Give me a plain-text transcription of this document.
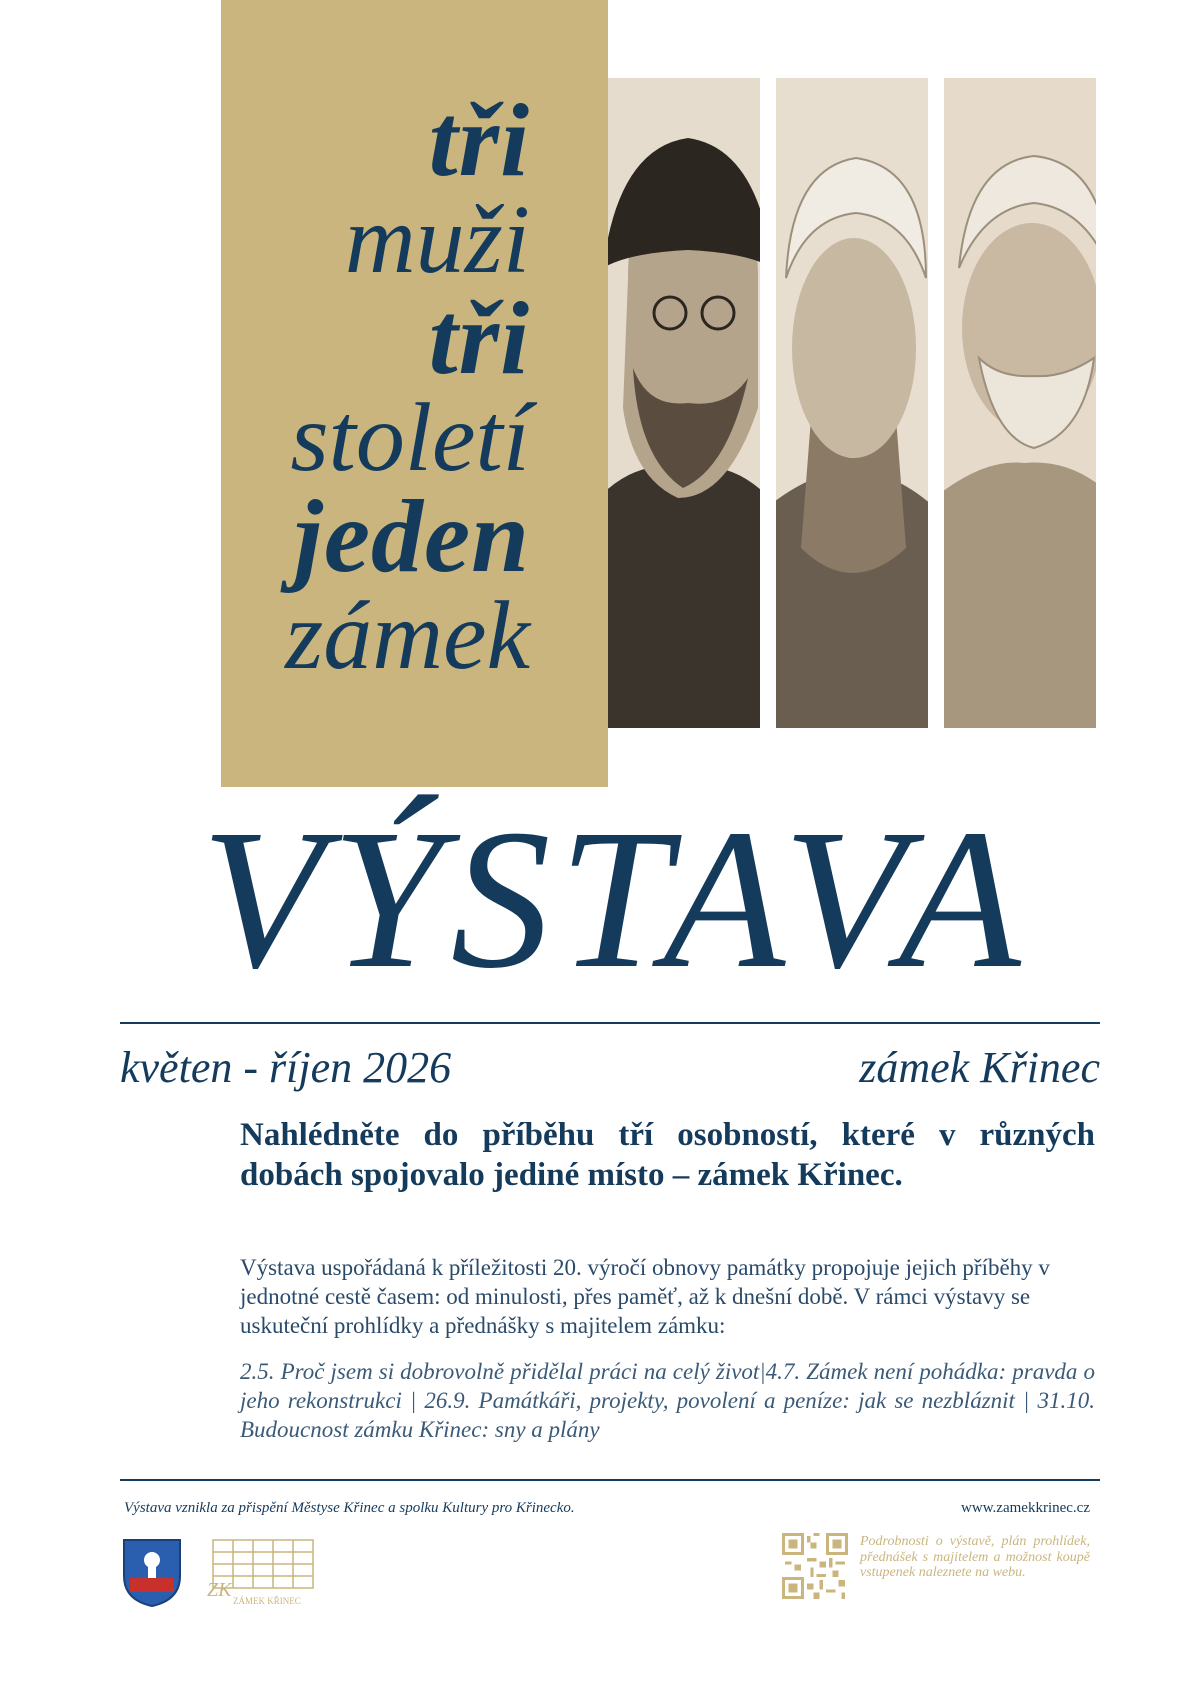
tři
muži
tři
století
jeden
zámek
VÝSTAVA
květen - říjen 2026	zámek Křinec
Nahlédněte do příběhu tří osobností, které v různých dobách spojovalo jediné místo – zámek Křinec.
Výstava uspořádaná k příležitosti 20. výročí obnovy památky propojuje jejich příběhy v jednotné cestě časem: od minulosti, přes paměť, až k dnešní době. V rámci výstavy se uskuteční prohlídky a přednášky s majitelem zámku:
2.5. Proč jsem si dobrovolně přidělal práci na celý život|4.7. Zámek není pohádka: pravda o jeho rekonstrukci | 26.9. Památkáři, projekty, povolení a peníze: jak se nezbláznit | 31.10. Budoucnost zámku Křinec: sny a plány
Výstava vznikla za přispění Městyse Křinec a spolku Kultury pro Křinecko.	www.zamekkrinec.cz
ZK ZÁMEK KŘINEC
Podrobnosti o výstavě, plán prohlídek, přednášek s majitelem a možnost koupě vstupenek naleznete na webu.
